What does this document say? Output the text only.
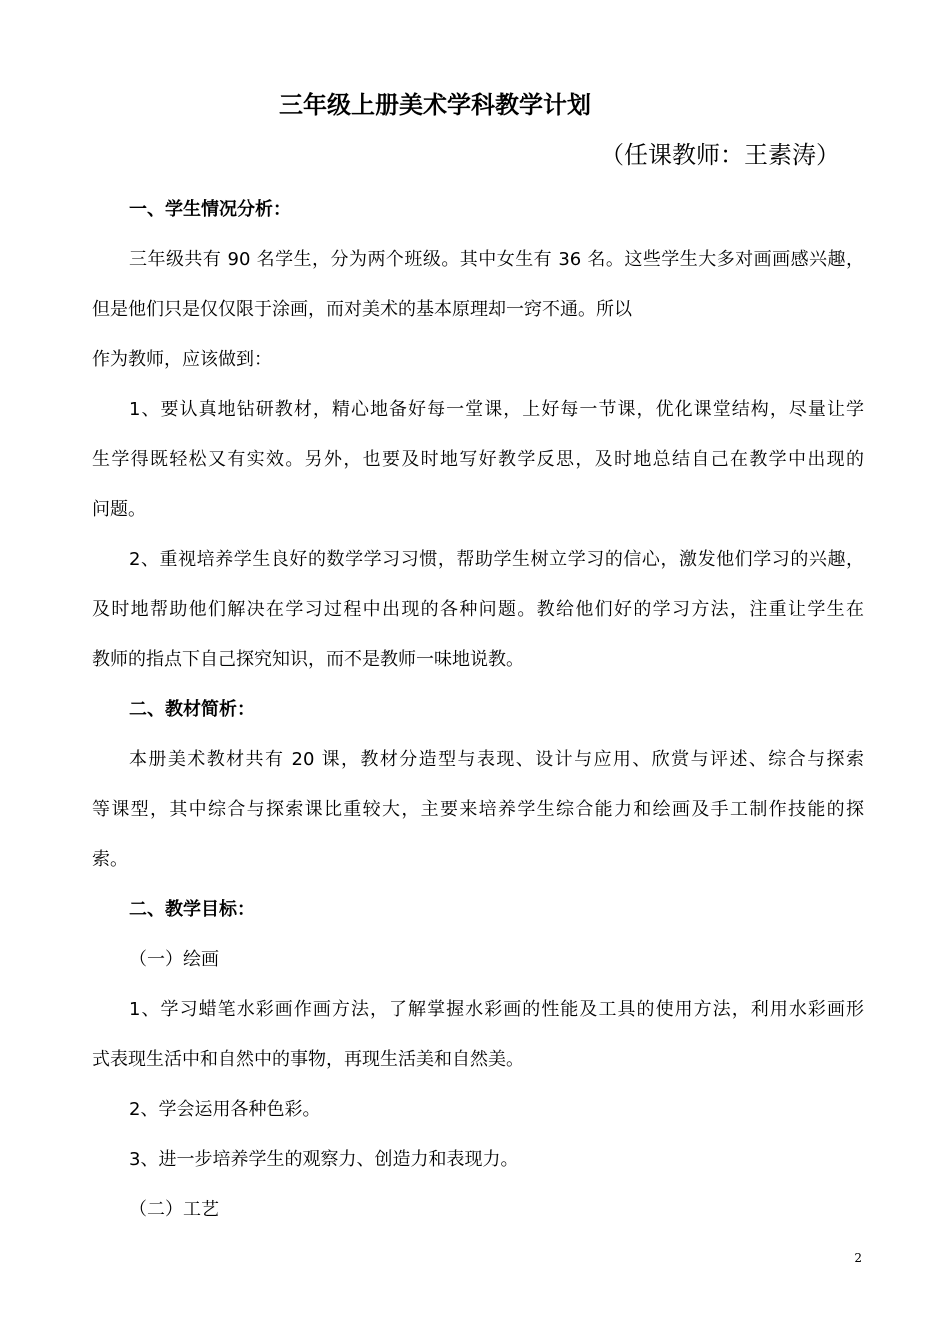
三年级上册美术学科教学计划

（任课教师：王素涛）

一、学生情况分析：
三年级共有 90 名学生，分为两个班级。其中女生有 36 名。这些学生大多对画画感兴趣，
但是他们只是仅仅限于涂画，而对美术的基本原理却一窍不通。所以
作为教师，应该做到：
1、要认真地钻研教材，精心地备好每一堂课，上好每一节课，优化课堂结构，尽量让学
生学得既轻松又有实效。另外，也要及时地写好教学反思，及时地总结自己在教学中出现的
问题。
2、重视培养学生良好的数学学习习惯，帮助学生树立学习的信心，激发他们学习的兴趣，
及时地帮助他们解决在学习过程中出现的各种问题。教给他们好的学习方法，注重让学生在
教师的指点下自己探究知识，而不是教师一味地说教。
二、教材简析：
本册美术教材共有 20 课，教材分造型与表现、设计与应用、欣赏与评述、综合与探索
等课型，其中综合与探索课比重较大，主要来培养学生综合能力和绘画及手工制作技能的探
索。
二、教学目标：
（一）绘画
1、学习蜡笔水彩画作画方法，了解掌握水彩画的性能及工具的使用方法，利用水彩画形
式表现生活中和自然中的事物，再现生活美和自然美。
2、学会运用各种色彩。
3、进一步培养学生的观察力、创造力和表现力。
（二）工艺
2
